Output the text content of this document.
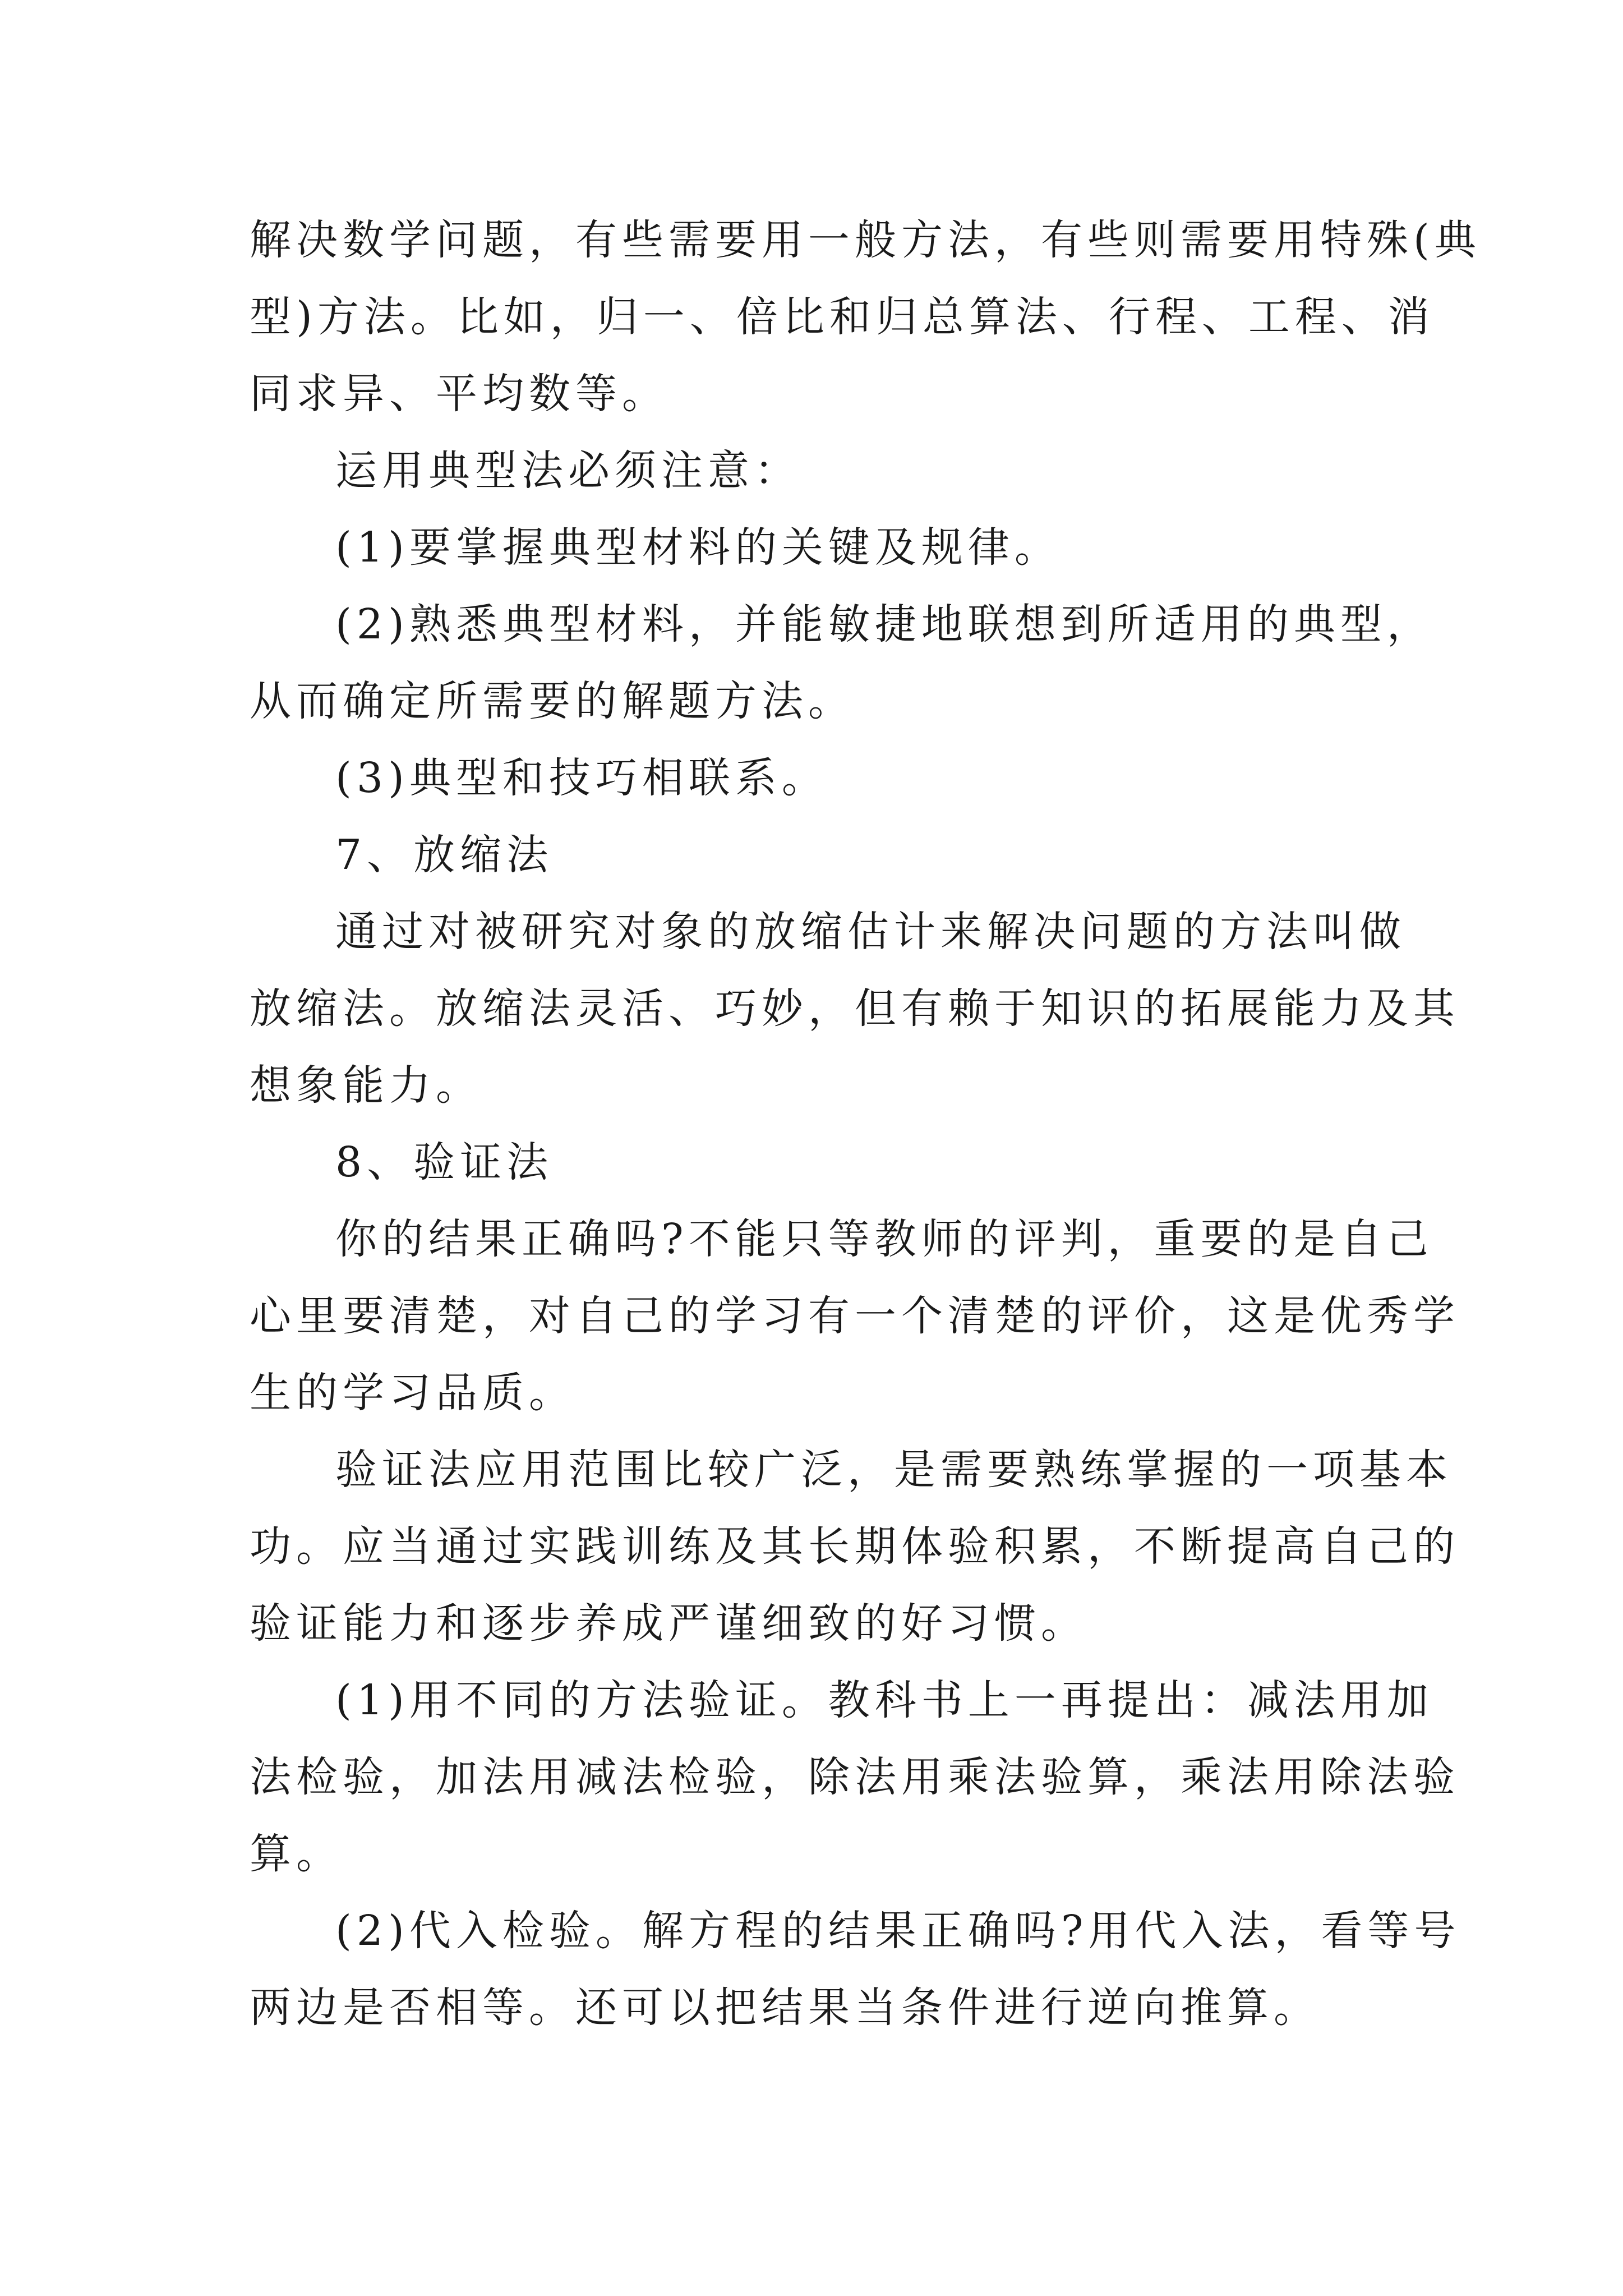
解决数学问题，有些需要用一般方法，有些则需要用特殊(典
型)方法。比如，归一、倍比和归总算法、行程、工程、消
同求异、平均数等。
运用典型法必须注意：
(1)要掌握典型材料的关键及规律。
(2)熟悉典型材料，并能敏捷地联想到所适用的典型，
从而确定所需要的解题方法。
(3)典型和技巧相联系。
7、放缩法
通过对被研究对象的放缩估计来解决问题的方法叫做
放缩法。放缩法灵活、巧妙，但有赖于知识的拓展能力及其
想象能力。
8、验证法
你的结果正确吗?不能只等教师的评判，重要的是自己
心里要清楚，对自己的学习有一个清楚的评价，这是优秀学
生的学习品质。
验证法应用范围比较广泛，是需要熟练掌握的一项基本
功。应当通过实践训练及其长期体验积累，不断提高自己的
验证能力和逐步养成严谨细致的好习惯。
(1)用不同的方法验证。教科书上一再提出：减法用加
法检验，加法用减法检验，除法用乘法验算，乘法用除法验
算。
(2)代入检验。解方程的结果正确吗?用代入法，看等号
两边是否相等。还可以把结果当条件进行逆向推算。
